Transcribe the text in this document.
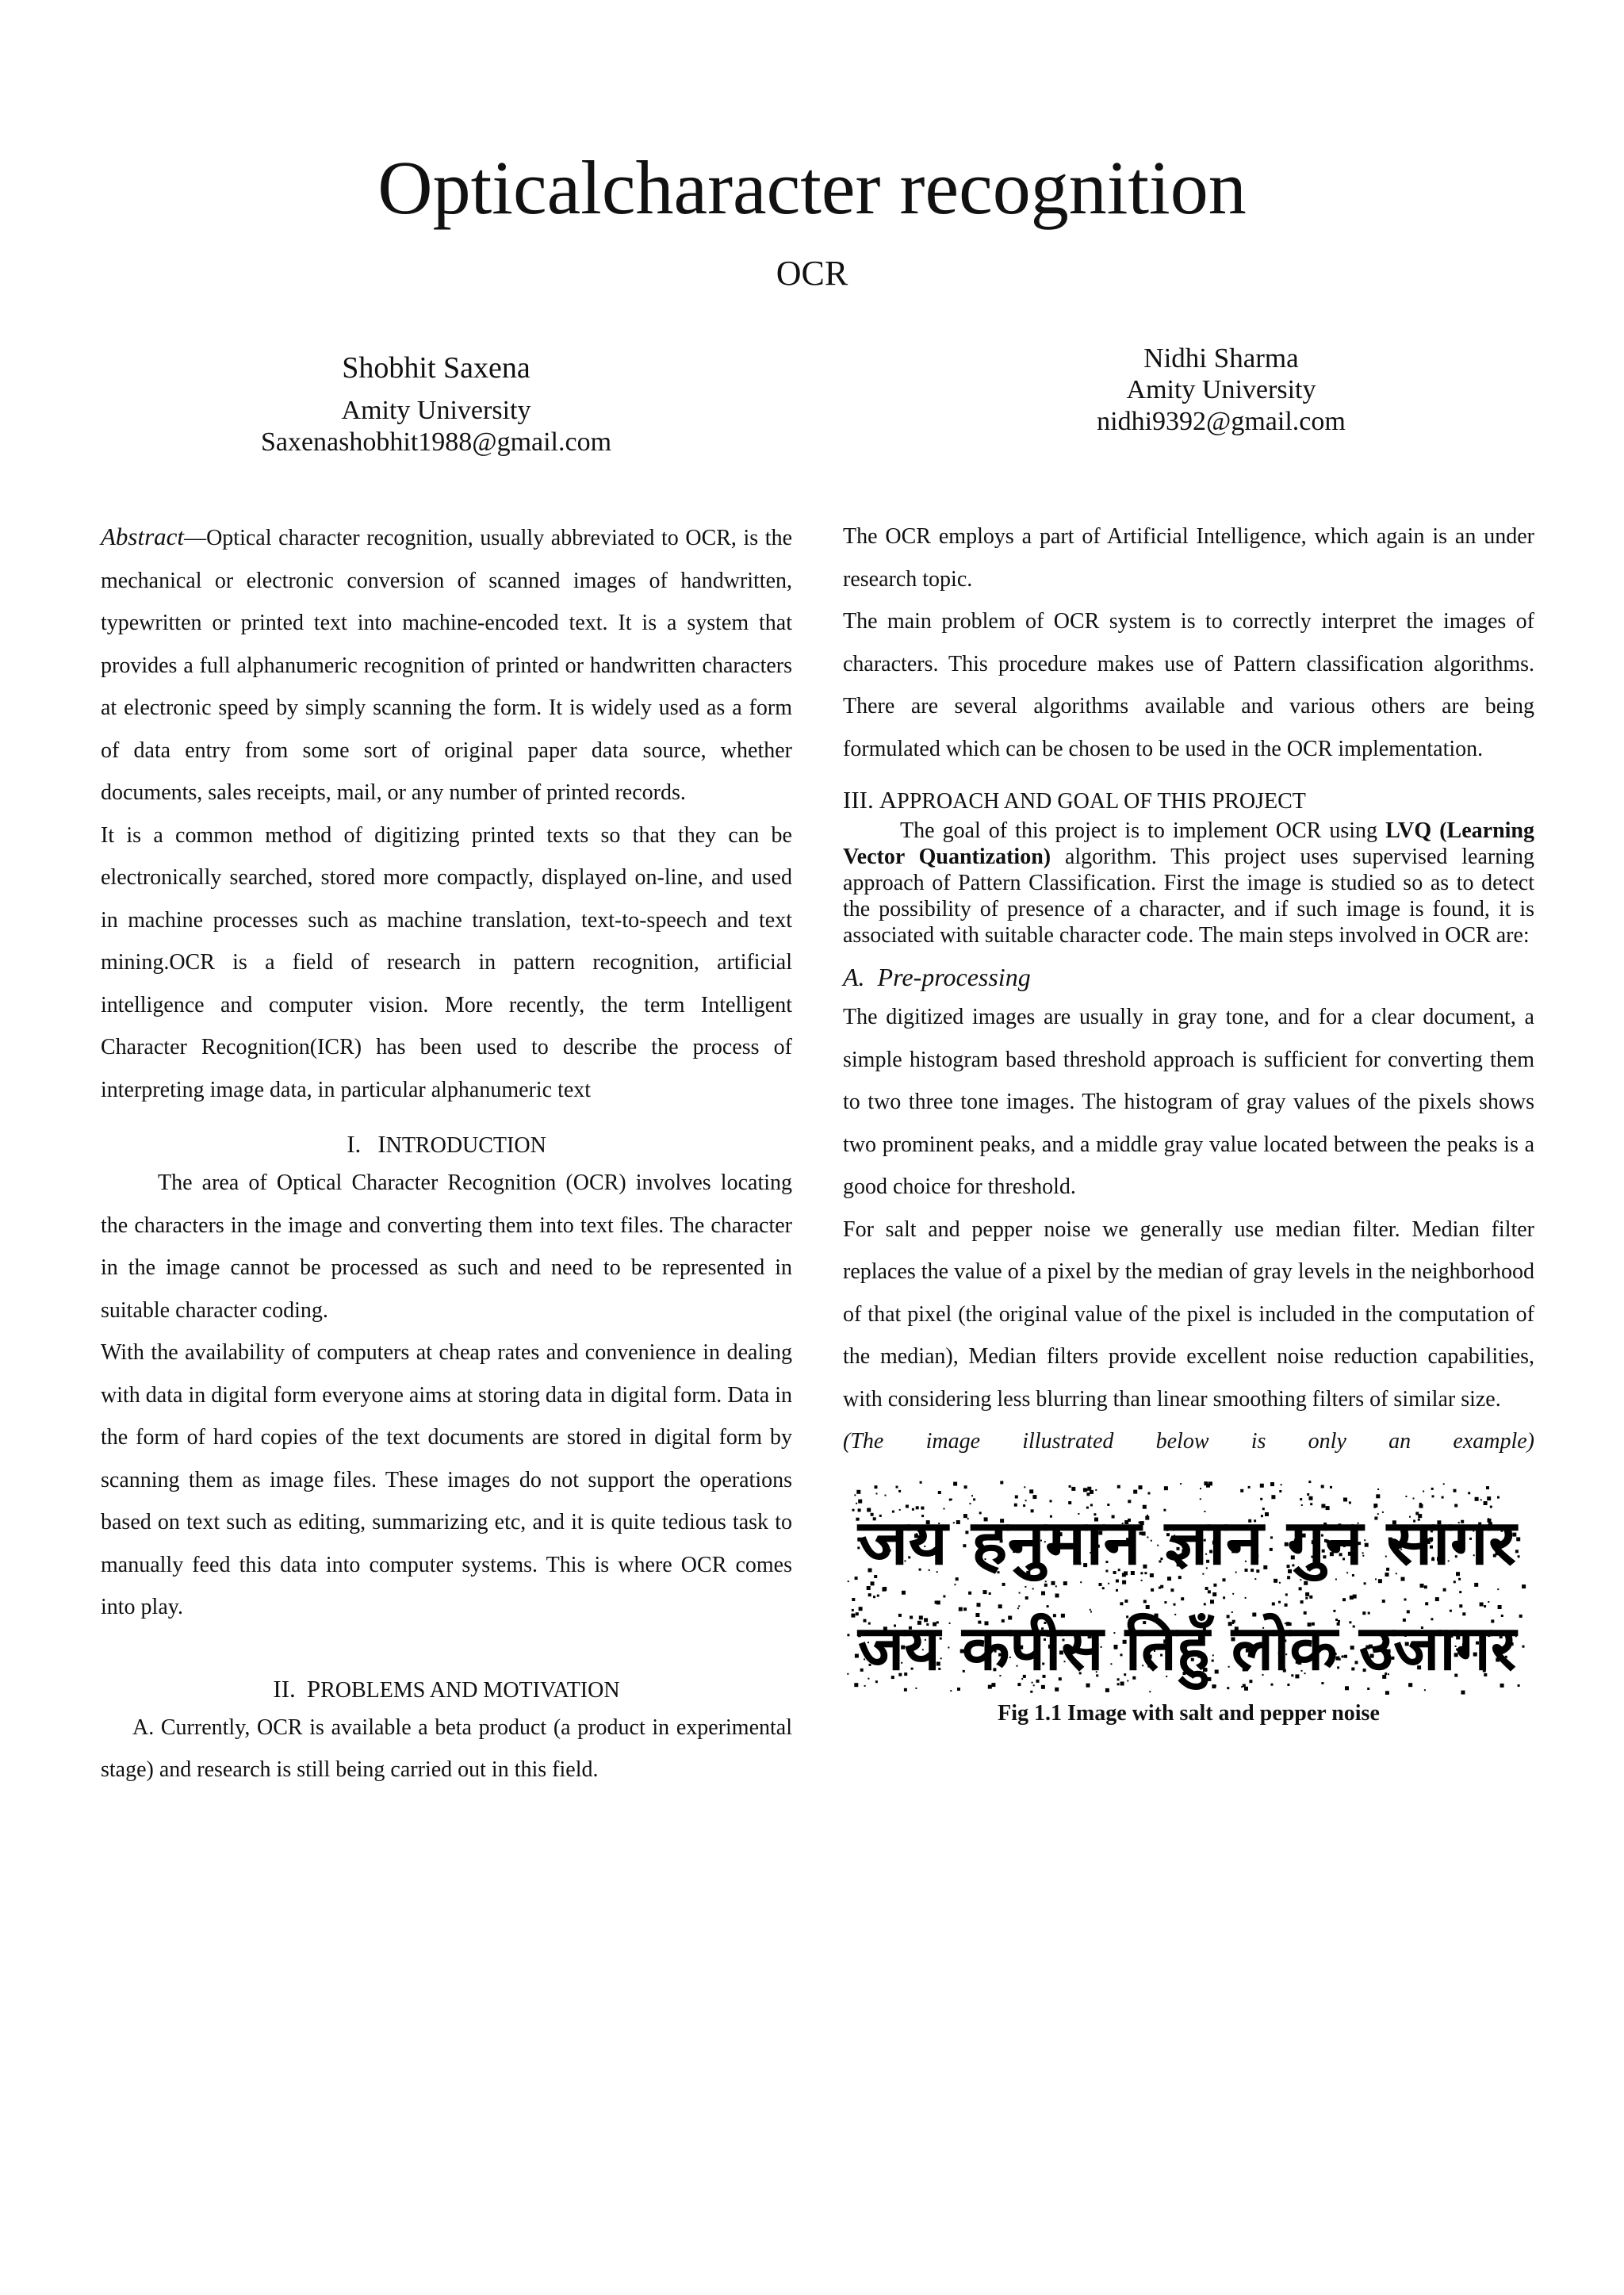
Opticalcharacter recognition
OCR
Shobhit Saxena
Amity University
Saxenashobhit1988@gmail.com
Nidhi Sharma
Amity University
nidhi9392@gmail.com

Abstract—Optical character recognition, usually abbreviated to OCR, is the mechanical or electronic conversion of scanned images of handwritten, typewritten or printed text into machine-encoded text. It is a system that provides a full alphanumeric recognition of printed or handwritten characters at electronic speed by simply scanning the form. It is widely used as a form of data entry from some sort of original paper data source, whether documents, sales receipts, mail, or any number of printed records.

It is a common method of digitizing printed texts so that they can be electronically searched, stored more compactly, displayed on-line, and used in machine processes such as machine translation, text-to-speech and text mining.OCR is a field of research in pattern recognition, artificial intelligence and computer vision. More recently, the term Intelligent Character Recognition(ICR) has been used to describe the process of interpreting image data, in particular alphanumeric text

I. INTRODUCTION

The area of Optical Character Recognition (OCR) involves locating the characters in the image and converting them into text files. The character in the image cannot be processed as such and need to be represented in suitable character coding.

With the availability of computers at cheap rates and convenience in dealing with data in digital form everyone aims at storing data in digital form. Data in the form of hard copies of the text documents are stored in digital form by scanning them as image files. These images do not support the operations based on text such as editing, summarizing etc, and it is quite tedious task to manually feed this data into computer systems. This is where OCR comes into play.

II. PROBLEMS AND MOTIVATION

A. Currently, OCR is available a beta product (a product in experimental stage) and research is still being carried out in this field.

The OCR employs a part of Artificial Intelligence, which again is an under research topic.

The main problem of OCR system is to correctly interpret the images of characters. This procedure makes use of Pattern classification algorithms. There are several algorithms available and various others are being formulated which can be chosen to be used in the OCR implementation.

III. APPROACH AND GOAL OF THIS PROJECT

The goal of this project is to implement OCR using LVQ (Learning Vector Quantization) algorithm. This project uses supervised learning approach of Pattern Classification. First the image is studied so as to detect the possibility of presence of a character, and if such image is found, it is associated with suitable character code. The main steps involved in OCR are:

A. Pre-processing

The digitized images are usually in gray tone, and for a clear document, a simple histogram based threshold approach is sufficient for converting them to two three tone images. The histogram of gray values of the pixels shows two prominent peaks, and a middle gray value located between the peaks is a good choice for threshold.

For salt and pepper noise we generally use median filter. Median filter replaces the value of a pixel by the median of gray levels in the neighborhood of that pixel (the original value of the pixel is included in the computation of the median), Median filters provide excellent noise reduction capabilities, with considering less blurring than linear smoothing filters of similar size.

(The image illustrated below is only an example)

जय हनुमान ज्ञान गुन सागर
जय कपीस तिहुँ लोक उजागर
Fig 1.1 Image with salt and pepper noise
